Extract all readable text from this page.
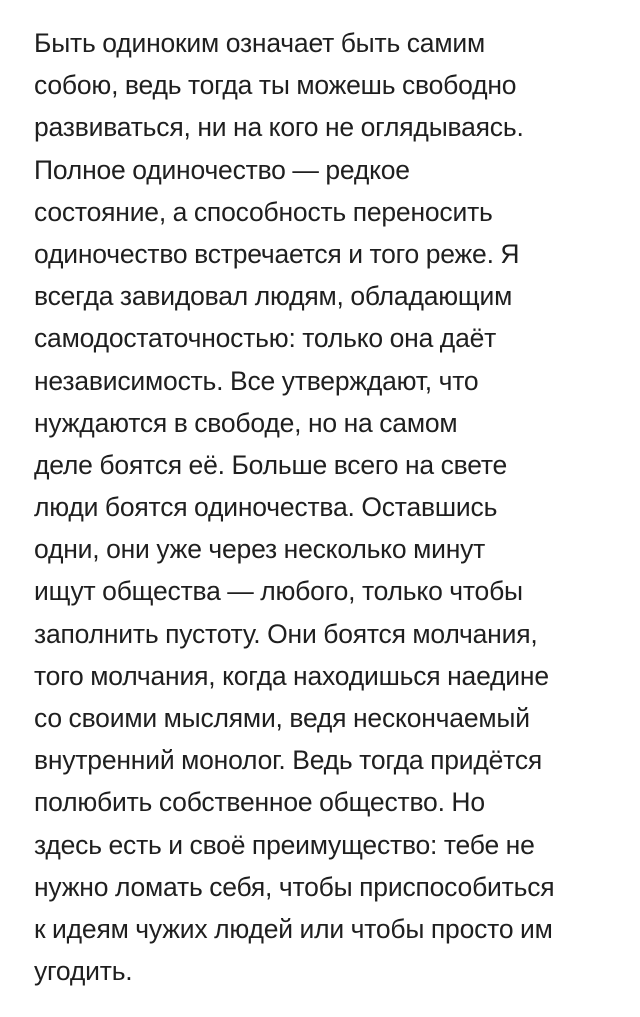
Быть одиноким означает быть самим
собою, ведь тогда ты можешь свободно
развиваться, ни на кого не оглядываясь.
Полное одиночество — редкое
состояние, а способность переносить
одиночество встречается и того реже. Я
всегда завидовал людям, обладающим
самодостаточностью: только она даёт
независимость. Все утверждают, что
нуждаются в свободе, но на самом
деле боятся её. Больше всего на свете
люди боятся одиночества. Оставшись
одни, они уже через несколько минут
ищут общества — любого, только чтобы
заполнить пустоту. Они боятся молчания,
того молчания, когда находишься наедине
со своими мыслями, ведя нескончаемый
внутренний монолог. Ведь тогда придётся
полюбить собственное общество. Но
здесь есть и своё преимущество: тебе не
нужно ломать себя, чтобы приспособиться
к идеям чужих людей или чтобы просто им
угодить.
